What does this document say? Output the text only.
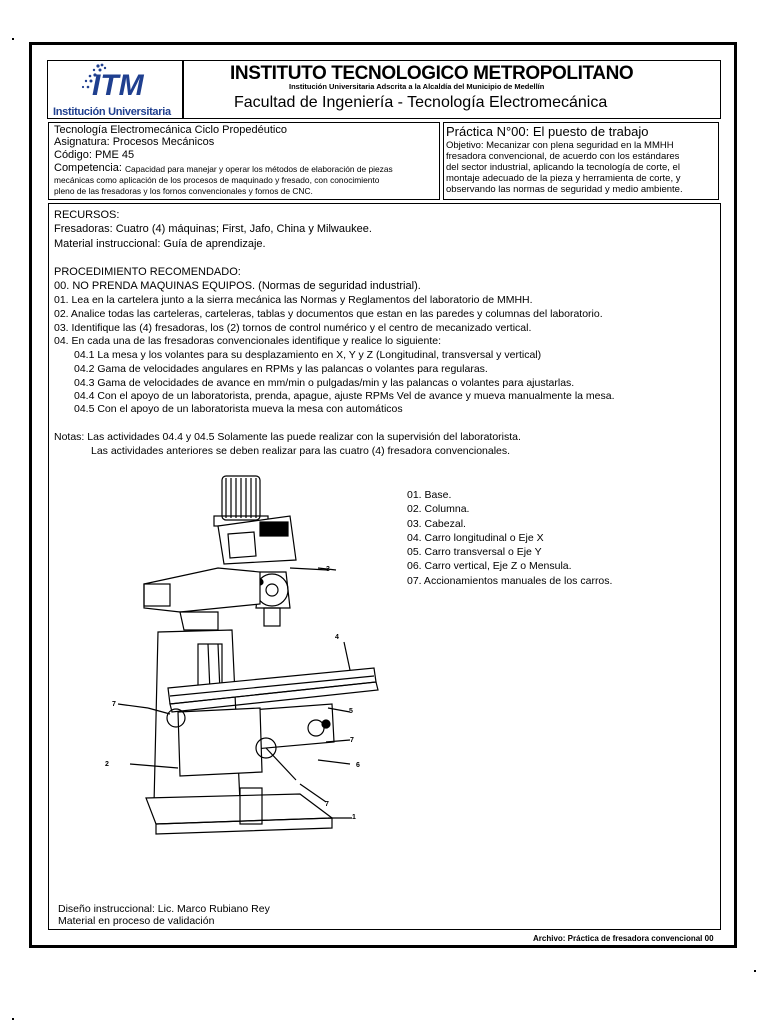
ITM
Institución Universitaria
INSTITUTO TECNOLOGICO METROPOLITANO
Institución Universitaria Adscrita a la Alcaldía del Municipio de Medellín
Facultad de Ingeniería - Tecnología Electromecánica
Tecnología Electromecánica Ciclo Propedéutico
Asignatura: Procesos Mecánicos
Código: PME 45
Competencia: Capacidad para manejar y operar los métodos de elaboración de piezas
mecánicas como aplicación de los procesos de maquinado y fresado, con conocimiento
pleno de las fresadoras y los fornos convencionales y fornos de CNC.
Práctica N°00: El puesto de trabajo
Objetivo: Mecanizar con plena seguridad en la MMHH
fresadora convencional, de acuerdo con los estándares
del sector industrial, aplicando la tecnología de corte, el
montaje adecuado de la pieza y herramienta de corte, y
observando las normas de seguridad y medio ambiente.
RECURSOS:
Fresadoras: Cuatro (4) máquinas; First, Jafo, China y Milwaukee.
Material instruccional: Guía de aprendizaje.
PROCEDIMIENTO RECOMENDADO:
00. NO PRENDA MAQUINAS EQUIPOS. (Normas de seguridad industrial).
01. Lea en la cartelera junto a la sierra mecánica las Normas y Reglamentos del laboratorio de MMHH.
02. Analice todas las carteleras, carteleras, tablas y documentos que estan en las paredes y columnas del laboratorio.
03. Identifique las (4) fresadoras, los (2) tornos de control numérico y el centro de mecanizado vertical.
04. En cada una de las fresadoras convencionales identifique y realice lo siguiente:
04.1 La mesa y los volantes para su desplazamiento en X, Y y Z (Longitudinal, transversal y vertical)
04.2 Gama de velocidades angulares en RPMs y las palancas o volantes para regularas.
04.3 Gama de velocidades de avance en mm/min o pulgadas/min y las palancas o volantes para ajustarlas.
04.4 Con el apoyo de un laboratorista, prenda, apague, ajuste RPMs Vel de avance y mueva manualmente la mesa.
04.5 Con el apoyo de un laboratorista mueva la mesa con automáticos
Notas: Las actividades 04.4 y 04.5 Solamente las puede realizar con la supervisión del laboratorista.
Las actividades anteriores se deben realizar para las cuatro (4) fresadora convencionales.
01. Base.
02. Columna.
03. Cabezal.
04. Carro longitudinal o Eje X
05. Carro transversal o Eje Y
06. Carro vertical, Eje Z o Mensula.
07. Accionamientos manuales de los carros.
Diseño instruccional: Lic. Marco Rubiano Rey
Material en proceso de validación
3
4
1
2
5
6
7
7
7
Archivo: Práctica de fresadora convencional 00
